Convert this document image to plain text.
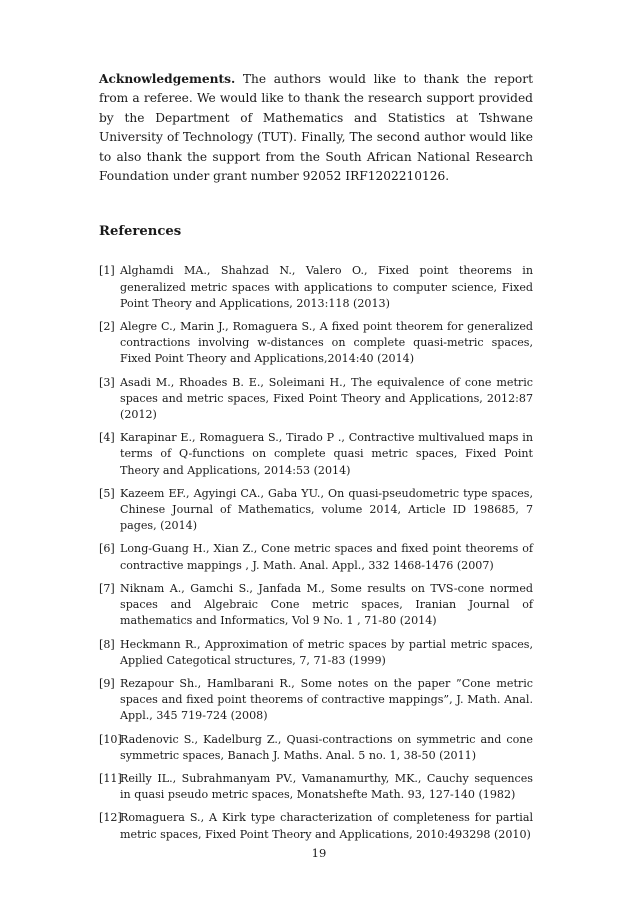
Acknowledgements. The authors would like to thank the report from a referee. We would like to thank the research support provided by the Department of Mathematics and Statistics at Tshwane University of Technology (TUT). Finally, The second author would like to also thank the support from the South African National Research Foundation under grant number 92052 IRF1202210126.

References
[1] Alghamdi MA., Shahzad N., Valero O., Fixed point theorems in generalized metric spaces with applications to computer science, Fixed Point Theory and Applications, 2013:118 (2013)
[2] Alegre C., Marin J., Romaguera S., A fixed point theorem for generalized contractions involving w-distances on complete quasi-metric spaces, Fixed Point Theory and Applications,2014:40 (2014)
[3] Asadi M., Rhoades B. E., Soleimani H., The equivalence of cone metric spaces and metric spaces, Fixed Point Theory and Applications, 2012:87 (2012)
[4] Karapinar E., Romaguera S., Tirado P ., Contractive multivalued maps in terms of Q-functions on complete quasi metric spaces, Fixed Point Theory and Applications, 2014:53 (2014)
[5] Kazeem EF., Agyingi CA., Gaba YU., On quasi-pseudometric type spaces, Chinese Journal of Mathematics, volume 2014, Article ID 198685, 7 pages, (2014)
[6] Long-Guang H., Xian Z., Cone metric spaces and fixed point theorems of contractive mappings , J. Math. Anal. Appl., 332 1468-1476 (2007)
[7] Niknam A., Gamchi S., Janfada M., Some results on TVS-cone normed spaces and Algebraic Cone metric spaces, Iranian Journal of mathematics and Informatics, Vol 9 No. 1 , 71-80 (2014)
[8] Heckmann R., Approximation of metric spaces by partial metric spaces, Applied Categotical structures, 7, 71-83 (1999)
[9] Rezapour Sh., Hamlbarani R., Some notes on the paper ”Cone metric spaces and fixed point theorems of contractive mappings”, J. Math. Anal. Appl., 345 719-724 (2008)
[10]
Radenovic S., Kadelburg Z., Quasi-contractions on symmetric and cone symmetric spaces, Banach J. Maths. Anal. 5 no. 1, 38-50 (2011)
[11]
Reilly IL., Subrahmanyam PV., Vamanamurthy, MK., Cauchy sequences in quasi pseudo metric spaces, Monatshefte Math. 93, 127-140 (1982)
[12]
Romaguera S., A Kirk type characterization of completeness for partial metric spaces, Fixed Point Theory and Applications, 2010:493298 (2010)
19
